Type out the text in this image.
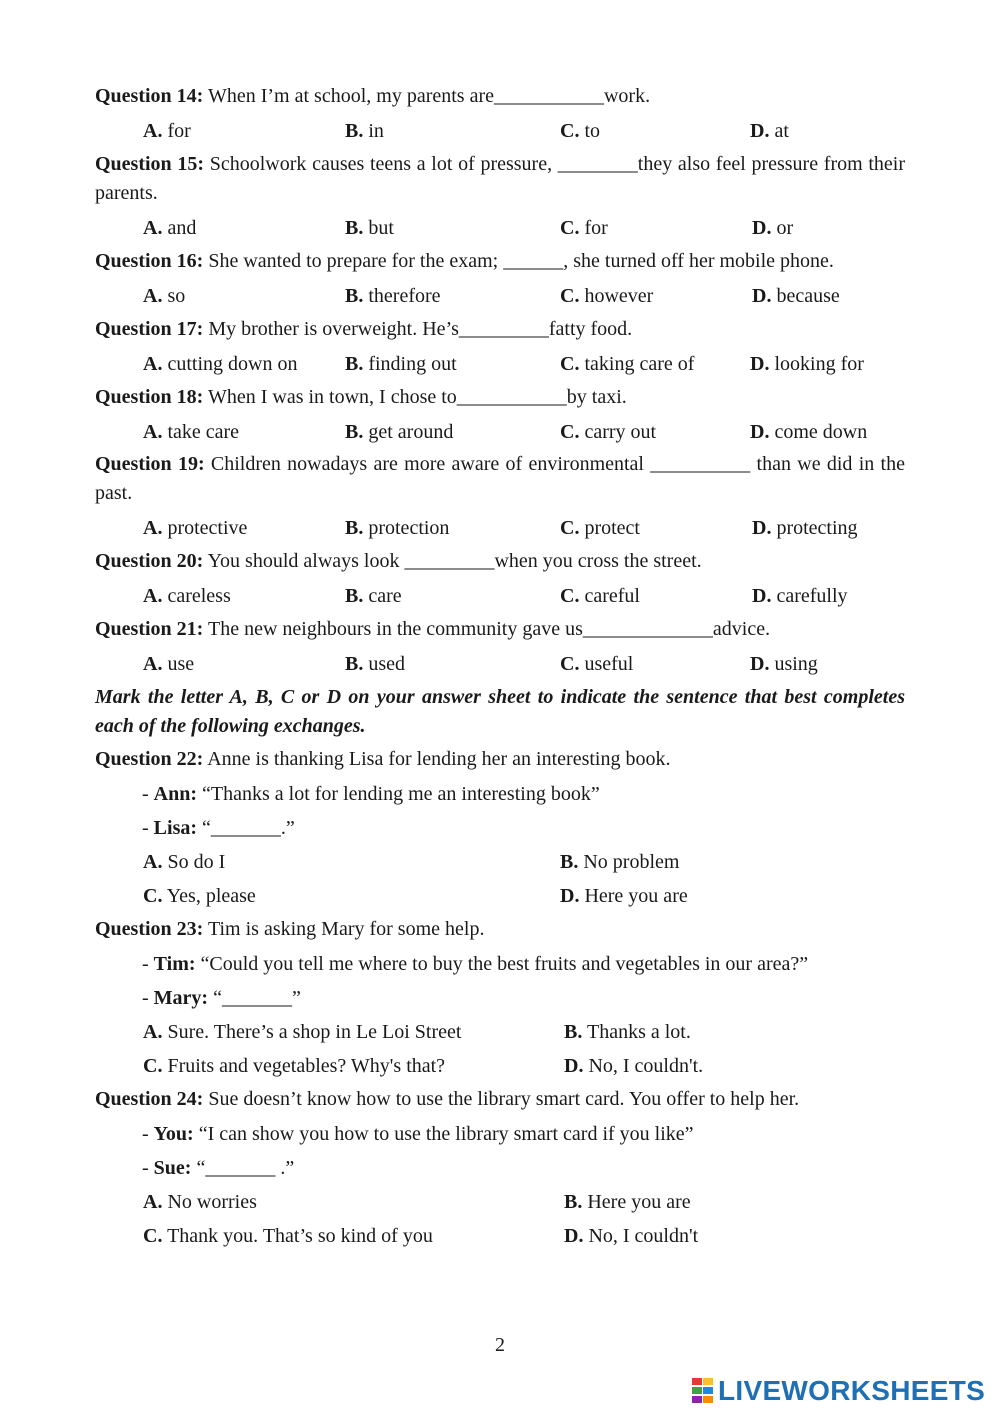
Question 14: When I’m at school, my parents are___________work.
A. for	B. in	C. to	D. at
Question 15: Schoolwork causes teens a lot of pressure, ________they also feel pressure from their parents.
A. and	B. but	C. for	D. or
Question 16: She wanted to prepare for the exam; ______, she turned off her mobile phone.
A. so	B. therefore	C. however	D. because
Question 17: My brother is overweight. He’s_________fatty food.
A. cutting down on B. finding out	C. taking care of	D. looking for
Question 18: When I was in town, I chose to___________by taxi.
A. take care	B. get around	C. carry out	D. come down
Question 19: Children nowadays are more aware of environmental __________ than we did in the past.
A. protective	B. protection	C. protect	D. protecting
Question 20: You should always look _________when you cross the street.
A. careless	B. care	C. careful	D. carefully
Question 21: The new neighbours in the community gave us_____________advice.
A. use	B. used	C. useful	D. using
Mark the letter A, B, C or D on your answer sheet to indicate the sentence that best completes each of the following exchanges.
Question 22: Anne is thanking Lisa for lending her an interesting book.
- Ann: “Thanks a lot for lending me an interesting book”
- Lisa: “_______.”
A. So do I	B. No problem
C. Yes, please	D. Here you are
Question 23: Tim is asking Mary for some help.
- Tim: “Could you tell me where to buy the best fruits and vegetables in our area?”
- Mary: “_______”
A. Sure. There’s a shop in Le Loi Street	B. Thanks a lot.
C. Fruits and vegetables? Why's that?	D. No, I couldn't.
Question 24: Sue doesn’t know how to use the library smart card. You offer to help her.
- You: “I can show you how to use the library smart card if you like”
- Sue: “_______ .”
A. No worries	B. Here you are
C. Thank you. That’s so kind of you	D. No, I couldn't
2
LIVEWORKSHEETS
